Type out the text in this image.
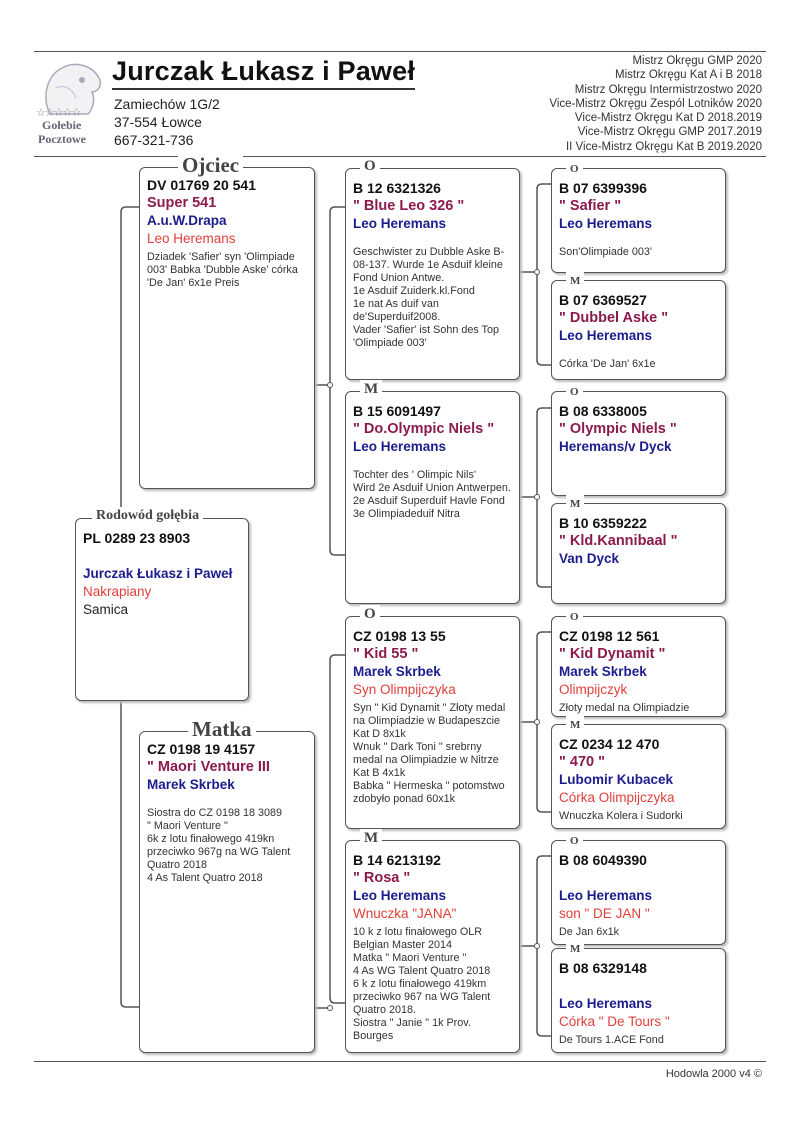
☆☆☆☆☆
Gołebie
Pocztowe
Jurczak Łukasz i Paweł
Zamiechów 1G/2
37-554 Łowce
667-321-736
Mistrz Okręgu GMP 2020
Mistrz Okręgu Kat A i B 2018
Mistrz Okręgu Intermistrzostwo 2020
Vice-Mistrz Okręgu Zespól Lotników 2020
Vice-Mistrz Okręgu Kat D 2018.2019
Vice-Mistrz Okręgu GMP 2017.2019
II Vice-Mistrz Okręgu Kat B 2019.2020
Rodowód gołębia
PL 0289 23 8903
Jurczak Łukasz i Paweł
Nakrapiany
Samica
Ojciec
DV 01769 20 541
Super 541
A.u.W.Drapa
Leo Heremans
Dziadek 'Safier' syn 'Olimpiade 003' Babka 'Dubble Aske' córka 'De Jan' 6x1e Preis
Matka
CZ 0198 19 4157
" Maori Venture III
Marek Skrbek
Siostra do CZ 0198 18 3089
" Maori Venture "
6k z lotu finałowego 419kn przeciwko 967g na WG Talent Quatro 2018
4 As Talent Quatro 2018
O
B 12 6321326
" Blue Leo 326 "
Leo Heremans
Geschwister zu Dubble Aske B-08-137. Wurde 1e Asduif kleine Fond Union Antwe.
1e Asduif Zuiderk.kl.Fond
1e nat As duif van de'Superduif2008.
Vader 'Safier' ist Sohn des Top 'Olimpiade 003'
M
B 15 6091497
" Do.Olympic Niels "
Leo Heremans
Tochter des ' Olimpic Nils'
Wird 2e Asduif Union Antwerpen. 2e Asduif Superduif Havle Fond
3e Olimpiadeduif Nitra
O
CZ 0198 13 55
" Kid 55 "
Marek Skrbek
Syn Olimpijczyka
Syn " Kid Dynamit " Złoty medal na Olimpiadzie w Budapeszcie Kat D 8x1k
Wnuk " Dark Toni " srebrny medal na Olimpiadzie w Nitrze Kat B 4x1k
Babka " Hermeska " potomstwo zdobyło ponad 60x1k
M
B 14 6213192
" Rosa "
Leo Heremans
Wnuczka "JANA"
10 k z lotu finałowego OLR Belgian Master 2014
Matka " Maori Venture "
4 As WG Talent Quatro 2018
6 k z lotu finałowego 419km przeciwko 967 na WG Talent Quatro 2018.
Siostra " Janie " 1k Prov. Bourges
O
B 07 6399396
" Safier "
Leo Heremans
Son'Olimpiade 003'
M
B 07 6369527
" Dubbel Aske "
Leo Heremans
Córka 'De Jan' 6x1e
O
B 08 6338005
" Olympic Niels "
Heremans/v Dyck
M
B 10 6359222
" Kld.Kannibaal "
Van Dyck
O
CZ 0198 12 561
" Kid Dynamit "
Marek Skrbek
Olimpijczyk
Złoty medal na Olimpiadzie
M
CZ 0234 12 470
" 470 "
Lubomir Kubacek
Córka Olimpijczyka
Wnuczka Kolera i Sudorki
O
B 08 6049390
Leo Heremans
son " DE JAN "
De Jan 6x1k
M
B 08 6329148
Leo Heremans
Córka " De Tours "
De Tours 1.ACE Fond
Hodowla 2000 v4 ©
